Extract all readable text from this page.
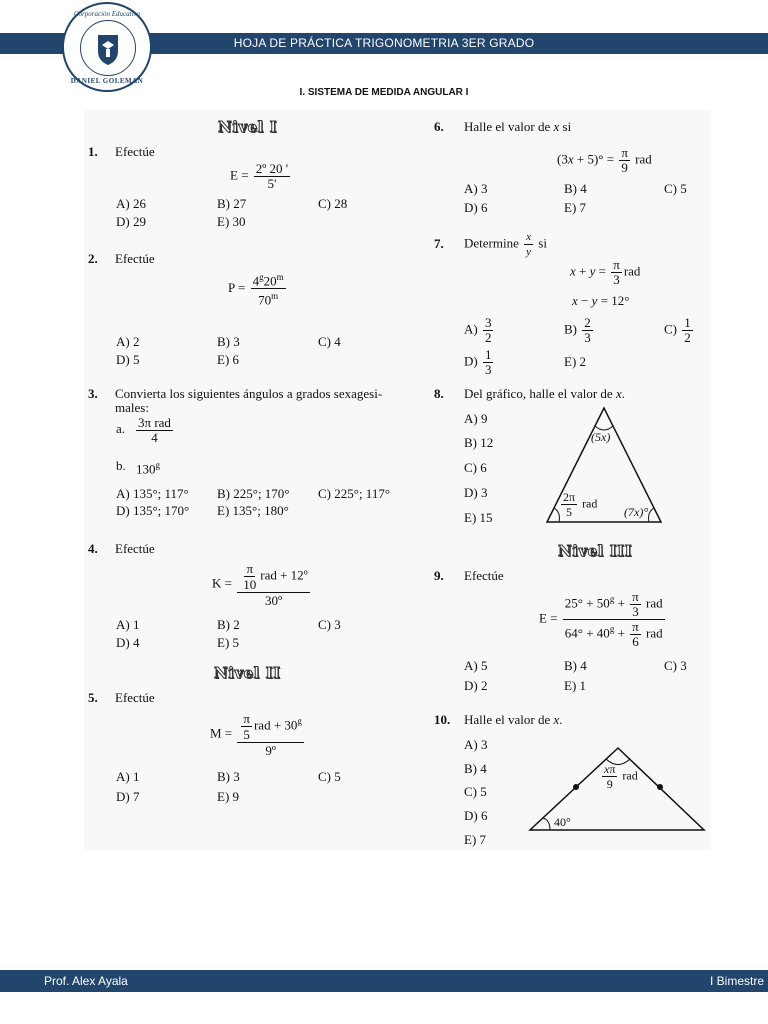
HOJA DE PRÁCTICA TRIGONOMETRIA 3ER GRADO
Corporación Educativa
DANIEL GOLEMAN
I. SISTEMA DE MEDIDA ANGULAR I
Nivel I
1. Efectúe
$E = \frac{\text{2º 20 '}}{5'}$
A) 26	B) 27	C) 28
D) 29	E) 30
2. Efectúe
$P = \frac{4^g20^m}{70^m}$
A) 2	B) 3	C) 4
D) 5	E) 6
3. Convierta los siguientes ángulos a grados sexagesi-
males:
a. $\frac{\text{3π rad}}{4}$
b. 130$^g$
A) 135°; 117° B) 225°; 170° C) 225°; 117°
D) 135°; 170° E) 135°; 180°
4. Efectúe
$K = \frac{\frac{\pi}{10} rad + 12º}{\text{30º}}$
A) 1	B) 2	C) 3
D) 4	E) 5
Nivel II
5. Efectúe
$M = \frac{\frac{\pi}{5} rad + 30^g}{\text{9º}}$
A) 1	B) 3	C) 5
D) 7	E) 9
6. Halle el valor de x si
$(3x + 5)^\circ = \frac{\pi}{9}$ rad
A) 3	B) 4	C) 5
D) 6	E) 7
7. Determine $\frac{x}{y}$ si
$x + y = \frac{\pi}{3}$ rad
x − y = 12°
$A) \frac{3}{2}$	$B) \frac{2}{3}$	$C) \frac{1}{2}$
$D) \frac{1}{3}$	E) 2
8. Del gráfico, halle el valor de x.
A) 9
B) 12
C) 6
D) 3
E) 15
(5x)
$\frac{2\pi}{5}$ rad
(7x)°
Nivel III
9. Efectúe
$E = \frac{25^\circ + 50^g + \frac{\pi}{3} rad}{64^\circ + 40^g + \frac{\pi}{6} rad}$
A) 5	B) 4	C) 3
D) 2	E) 1
10. Halle el valor de x.
A) 3
B) 4
C) 5
D) 6
E) 7
$\frac{x\pi}{9}$ rad
40°
Prof. Alex Ayala	I Bimestre
